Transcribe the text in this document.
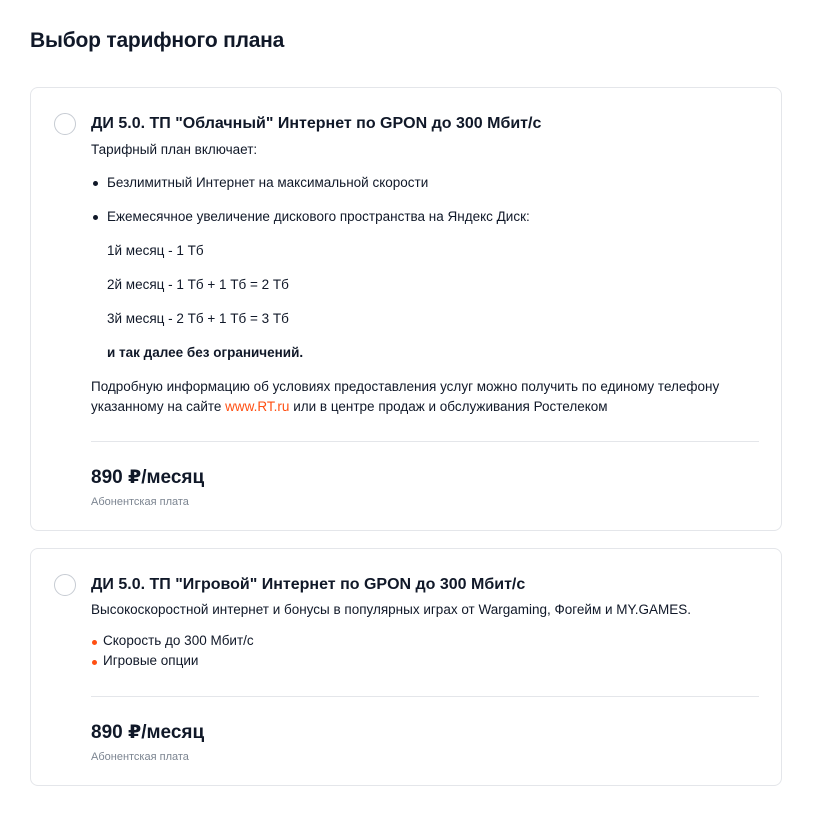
Выбор тарифного плана
ДИ 5.0. ТП "Облачный" Интернет по GPON до 300 Мбит/с

Тарифный план включает:

Безлимитный Интернет на максимальной скорости

Ежемесячное увеличение дискового пространства на Яндекс Диск:

1й месяц - 1 Тб

2й месяц - 1 Тб + 1 Тб = 2 Тб

3й месяц - 2 Тб + 1 Тб = 3 Тб

и так далее без ограничений.

Подробную информацию об условиях предоставления услуг можно получить по единому телефону

указанному на сайте www.RT.ru или в центре продаж и обслуживания Ростелеком

890 ₽/месяц

Абонентская плата

ДИ 5.0. ТП "Игровой" Интернет по GPON до 300 Мбит/с

Высокоскоростной интернет и бонусы в популярных играх от Wargaming, Фогейм и MY.GAMES.

Скорость до 300 Мбит/с

Игровые опции

890 ₽/месяц

Абонентская плата
